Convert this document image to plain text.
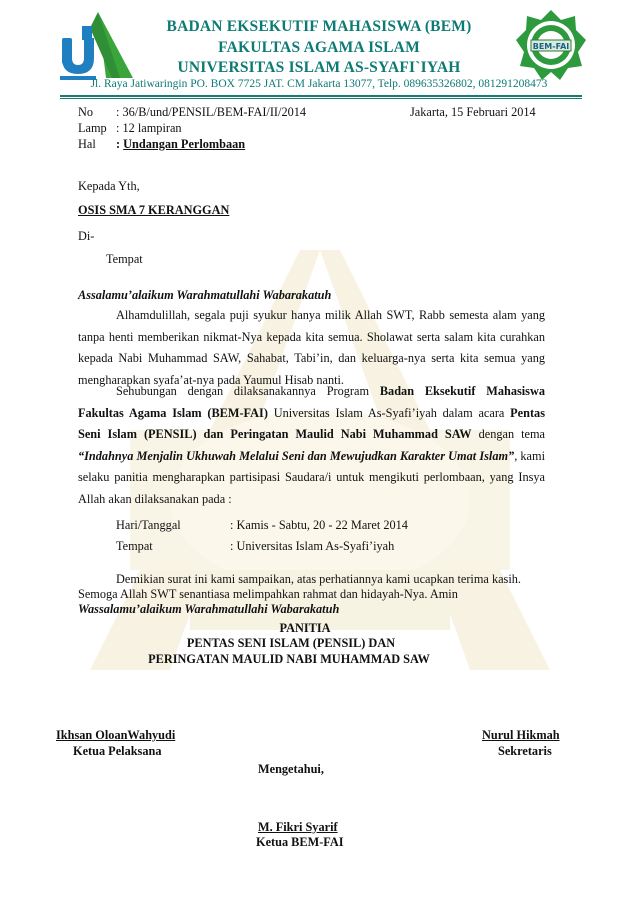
BEM-FAI
BADAN EKSEKUTIF MAHASISWA (BEM)
FAKULTAS AGAMA ISLAM
UNIVERSITAS ISLAM AS-SYAFI`IYAH
Jl. Raya Jatiwaringin PO. BOX 7725 JAT. CM Jakarta 13077, Telp. 089635326802, 081291208473
No : 36/B/und/PENSIL/BEM-FAI/II/2014	Jakarta, 15 Februari 2014
Lamp : 12 lampiran
Hal : Undangan Perlombaan
Kepada Yth,
OSIS SMA 7 KERANGGAN
Di-
Tempat
Assalamu’alaikum Warahmatullahi Wabarakatuh
Alhamdulillah, segala puji syukur hanya milik Allah SWT, Rabb semesta alam yang tanpa henti memberikan nikmat-Nya kepada kita semua. Sholawat serta salam kita curahkan kepada Nabi Muhammad SAW, Sahabat, Tabi’in, dan keluarga-nya serta kita semua yang mengharapkan syafa’at-nya pada Yaumul Hisab nanti.
Sehubungan dengan dilaksanakannya Program Badan Eksekutif Mahasiswa Fakultas Agama Islam (BEM-FAI) Universitas Islam As-Syafi’iyah dalam acara Pentas Seni Islam (PENSIL) dan Peringatan Maulid Nabi Muhammad SAW dengan tema “Indahnya Menjalin Ukhuwah Melalui Seni dan Mewujudkan Karakter Umat Islam”, kami selaku panitia mengharapkan partisipasi Saudara/i untuk mengikuti perlombaan, yang Insya Allah akan dilaksanakan pada :
Hari/Tanggal	: Kamis - Sabtu, 20 - 22 Maret 2014
Tempat	: Universitas Islam As-Syafi’iyah
Demikian surat ini kami sampaikan, atas perhatiannya kami ucapkan terima kasih.
Semoga Allah SWT senantiasa melimpahkan rahmat dan hidayah-Nya. Amin
Wassalamu’alaikum Warahmatullahi Wabarakatuh
PANITIA
PENTAS SENI ISLAM (PENSIL) DAN
PERINGATAN MAULID NABI MUHAMMAD SAW
Ikhsan OloanWahyudi
Ketua Pelaksana
Nurul Hikmah
Sekretaris
Mengetahui,
M. Fikri Syarif
Ketua BEM-FAI
